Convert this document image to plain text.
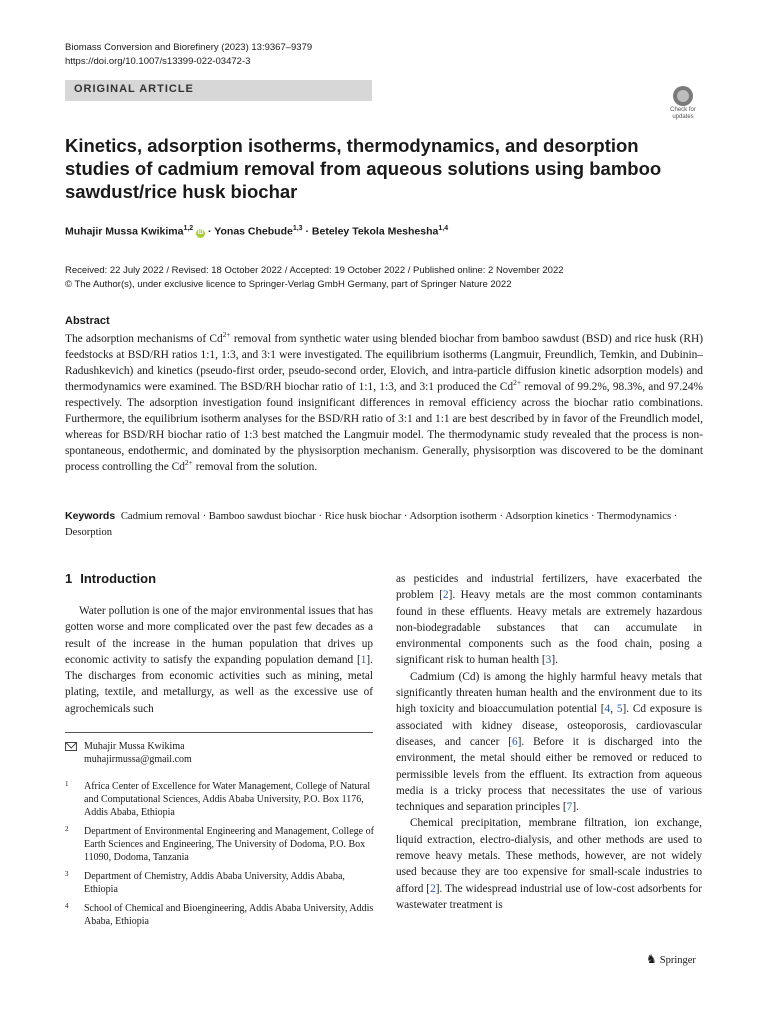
Biomass Conversion and Biorefinery (2023) 13:9367–9379
https://doi.org/10.1007/s13399-022-03472-3
ORIGINAL ARTICLE
Check for
updates
Kinetics, adsorption isotherms, thermodynamics, and desorption studies of cadmium removal from aqueous solutions using bamboo sawdust/rice husk biochar
Muhajir Mussa Kwikima$^{1,2}$ iD · Yonas Chebude$^{1,3}$ · Beteley Tekola Meshesha$^{1,4}$
Received: 22 July 2022 / Revised: 18 October 2022 / Accepted: 19 October 2022 / Published online: 2 November 2022
© The Author(s), under exclusive licence to Springer-Verlag GmbH Germany, part of Springer Nature 2022
Abstract

The adsorption mechanisms of $Cd^{2+}$ removal from synthetic water using blended biochar from bamboo sawdust (BSD) and rice husk (RH) feedstocks at BSD/RH ratios 1:1, 1:3, and 3:1 were investigated. The equilibrium isotherms (Langmuir, Freundlich, Temkin, and Dubinin–Radushkevich) and kinetics (pseudo-first order, pseudo-second order, Elovich, and intra-particle diffusion kinetic adsorption models) and thermodynamics were examined. The BSD/RH biochar ratio of 1:1, 1:3, and 3:1 produced the $Cd^{2+}$ removal of 99.2%, 98.3%, and 97.24% respectively. The adsorption investigation found insignificant differences in removal efficiency across the biochar ratio combinations. Furthermore, the equilibrium isotherm analyses for the BSD/RH ratio of 3:1 and 1:1 are best described by in favor of the Freundlich model, whereas for BSD/RH biochar ratio of 1:3 best matched the Langmuir model. The thermodynamic study revealed that the process is non-spontaneous, endothermic, and dominated by the physisorption mechanism. Generally, physisorption was discovered to be the dominant process controlling the $Cd^{2+}$ removal from the solution.

Keywords Cadmium removal · Bamboo sawdust biochar · Rice husk biochar · Adsorption isotherm · Adsorption kinetics · Thermodynamics · Desorption
1 Introduction

Water pollution is one of the major environmental issues that has gotten worse and more complicated over the past few decades as a result of the increase in the human population that drives up economic activity to satisfy the expanding population demand [1]. The discharges from economic activities such as mining, metal plating, textile, and metallurgy, as well as the excessive use of agrochemicals such

as pesticides and industrial fertilizers, have exacerbated the problem [2]. Heavy metals are the most common contaminants found in these effluents. Heavy metals are extremely hazardous non-biodegradable substances that can accumulate in environmental components such as the food chain, posing a significant risk to human health [3].

Cadmium (Cd) is among the highly harmful heavy metals that significantly threaten human health and the environment due to its high toxicity and bioaccumulation potential [4, 5]. Cd exposure is associated with kidney disease, osteoporosis, cardiovascular diseases, and cancer [6]. Before it is discharged into the environment, the metal should either be removed or reduced to permissible levels from the effluent. Its extraction from aqueous media is a tricky process that necessitates the use of various techniques and separation principles [7].

Chemical precipitation, membrane filtration, ion exchange, liquid extraction, electro-dialysis, and other methods are used to remove heavy metals. These methods, however, are not widely used because they are too expensive for small-scale industries to afford [2]. The widespread industrial use of low-cost adsorbents for wastewater treatment is

Muhajir Mussa Kwikima
muhajirmussa@gmail.com
1 Africa Center of Excellence for Water Management, College of Natural and Computational Sciences, Addis Ababa University, P.O. Box 1176, Addis Ababa, Ethiopia
2 Department of Environmental Engineering and Management, College of Earth Sciences and Engineering, The University of Dodoma, P.O. Box 11090, Dodoma, Tanzania
3 Department of Chemistry, Addis Ababa University, Addis Ababa, Ethiopia
4 School of Chemical and Bioengineering, Addis Ababa University, Addis Ababa, Ethiopia
♞ Springer
